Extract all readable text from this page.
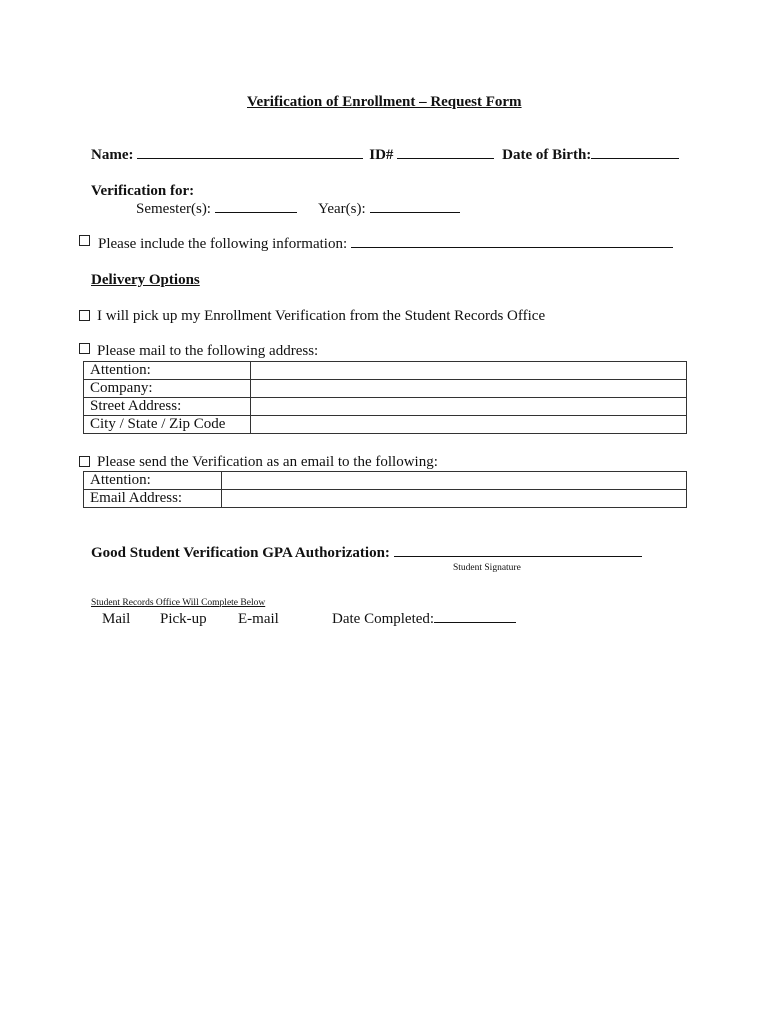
Verification of Enrollment – Request Form
Name:	ID#	Date of Birth:
Verification for:
Semester(s):	Year(s):
Please include the following information:
Delivery Options
I will pick up my Enrollment Verification from the Student Records Office
Please mail to the following address:
Attention:	
Company:	
Street Address:	
City / State / Zip Code	
Please send the Verification as an email to the following:
Attention:	
Email Address:	
Good Student Verification GPA Authorization:
Student Signature
Student Records Office Will Complete Below
Mail Pick-up E-mail	Date Completed:
